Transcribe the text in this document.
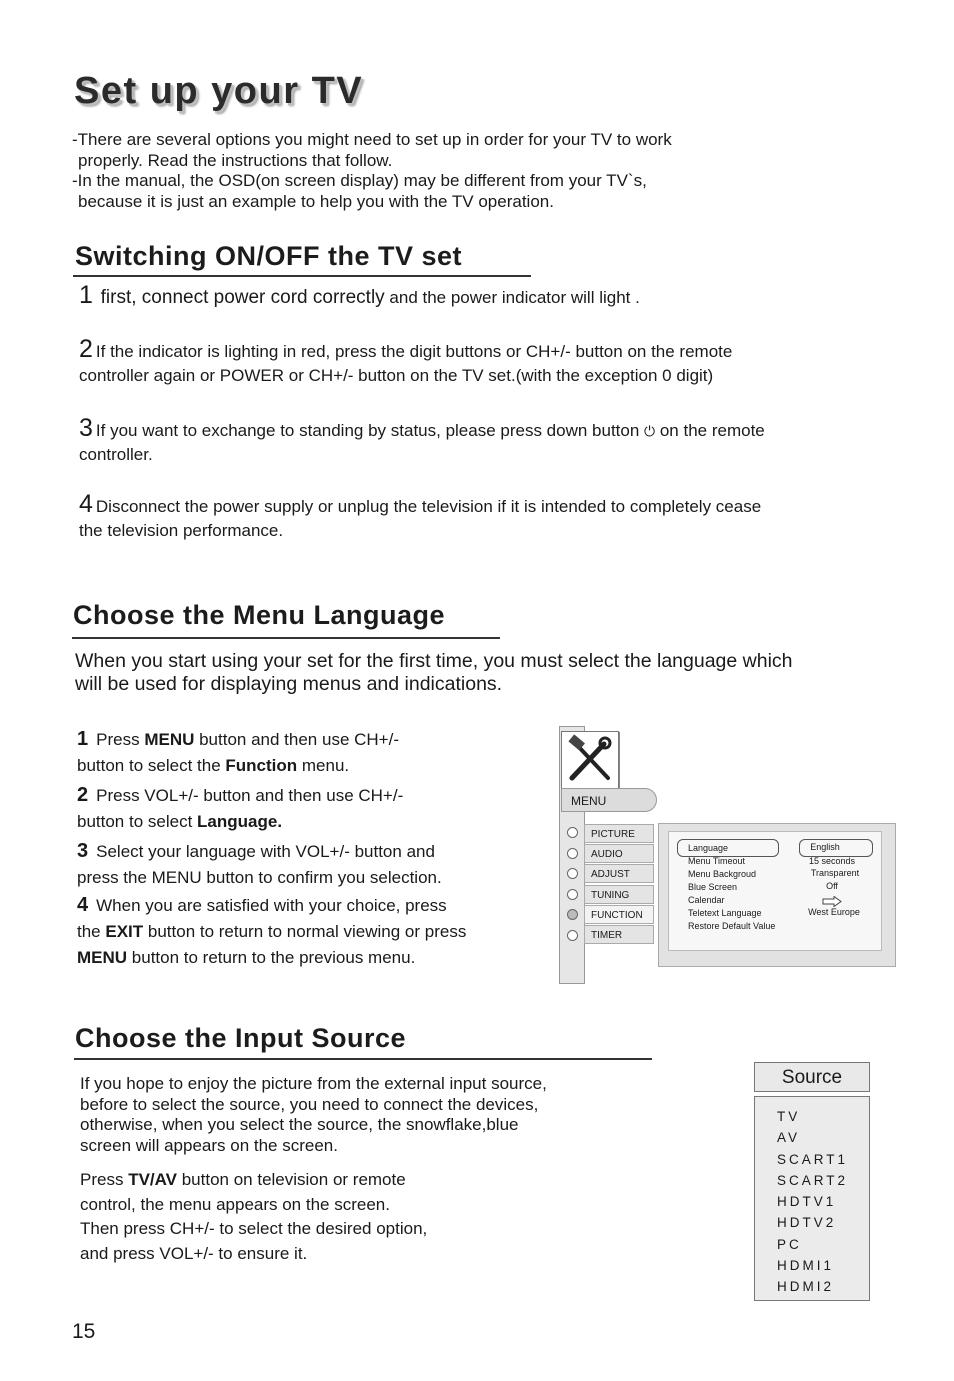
Set up your TV
-There are several options you might need to set up in order for your TV to work
properly. Read the instructions that follow.
-In the manual, the OSD(on screen display) may be different from your TV`s,
because it is just an example to help you with the TV operation.
Switching ON/OFF the TV set
1 first, connect power cord correctly and the power indicator will light .
2 If the indicator is lighting in red, press the digit buttons or CH+/- button on the remote
controller again or POWER or CH+/- button on the TV set.(with the exception 0 digit)
3 If you want to exchange to standing by status, please press down button ⏻ on the remote
controller.
4 Disconnect the power supply or unplug the television if it is intended to completely cease
the television performance.
Choose the Menu Language
When you start using your set for the first time, you must select the language which
will be used for displaying menus and indications.
1 Press MENU button and then use CH+/-
button to select the Function menu.
2 Press VOL+/- button and then use CH+/-
button to select Language.
3 Select your language with VOL+/- button and
press the MENU button to confirm you selection.
4 When you are satisfied with your choice, press
the EXIT button to return to normal viewing or press
MENU button to return to the previous menu.
MENU
PICTURE
AUDIO
ADJUST
TUNING
FUNCTION
TIMER
Language
Menu Timeout
Menu Backgroud
Blue Screen
Calendar
Teletext Language
Restore Default Value
English
15 seconds
Transparent
Off
West Europe
Choose the Input Source
If you hope to enjoy the picture from the external input source,
before to select the source, you need to connect the devices,
otherwise, when you select the source, the snowflake,blue
screen will appears on the screen.
Press TV/AV button on television or remote
control, the menu appears on the screen.
Then press CH+/- to select the desired option,
and press VOL+/- to ensure it.
Source
TV
AV
SCART1
SCART2
HDTV1
HDTV2
PC
HDMI1
HDMI2
15
